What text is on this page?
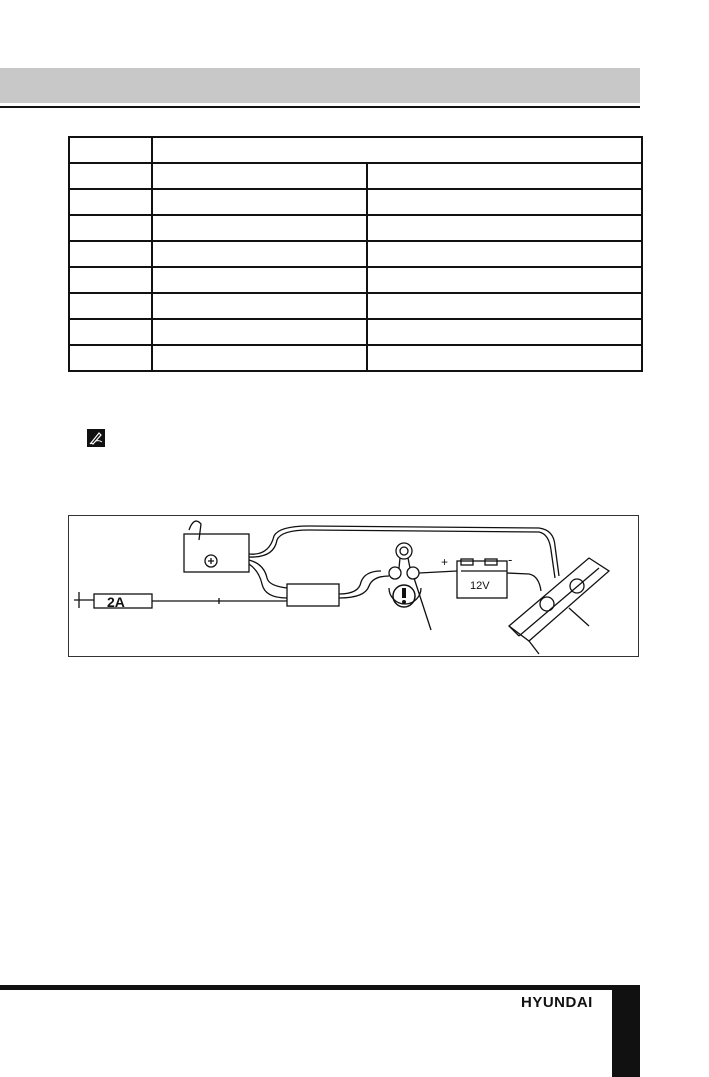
2A
+	-
12V
HYUNDAI
